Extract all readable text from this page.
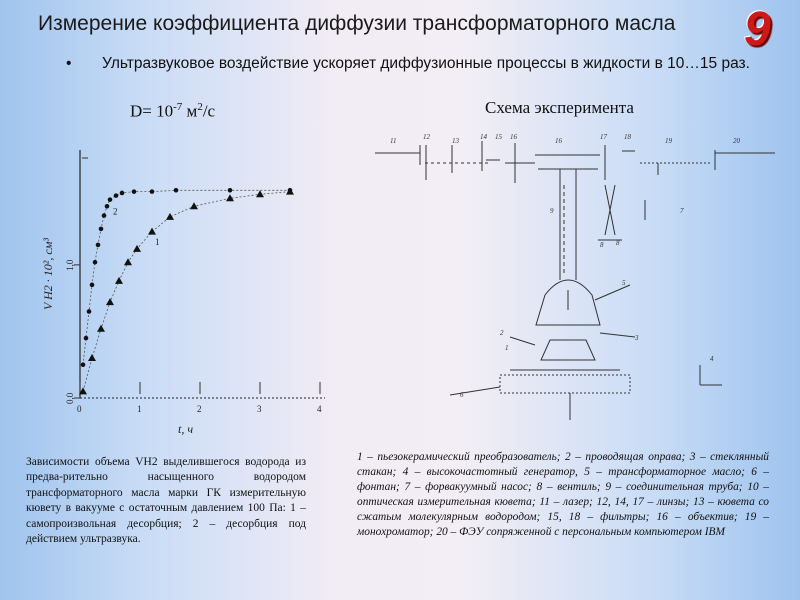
Измерение коэффициента диффузии трансформаторного масла 9
•	Ультразвуковое воздействие ускоряет диффузионные процессы в жидкости в 10…15 раз.
$D= 10^{-7}$ $м^2/c$	Схема эксперимента
V Н2 · 10², см³
t, ч
0	1	2	3	4
0,0
1,0
2
1
11	12	13	14 15 16	16	17 18	19	20
9
5
3
4
2
7
8 8
1
6
Зависимости объема VН2 выделившегося водорода из предва-рительно насыщенного водородом трансформаторного масла марки ГК измерительную кювету в вакууме с остаточным давлением 100 Па: 1 – самопроизвольная десорбция; 2 – десорбция под действием ультразвука.
1 – пьезокерамический преобразователь; 2 – проводящая оправа; 3 – стеклянный стакан; 4 – высокочастотный генератор, 5 – трансформаторное масло; 6 – фонтан; 7 – форвакуумный насос; 8 – вентиль; 9 – соединительная труба; 10 – оптическая измерительная кювета; 11 – лазер; 12, 14, 17 – линзы; 13 – кювета со сжатым молекулярным водородом; 15, 18 – фильтры; 16 – объектив; 19 – монохроматор; 20 – ФЭУ сопряженной с персональным компьютером IBM
